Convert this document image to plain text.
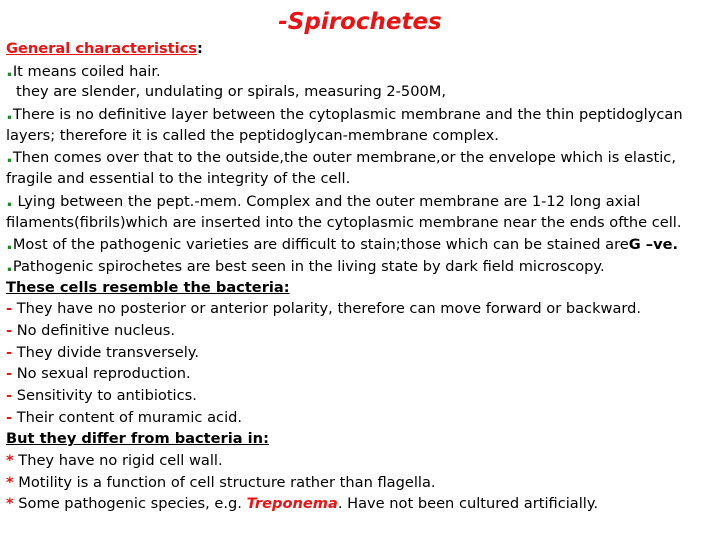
-Spirochetes
General characteristics:
.It means coiled hair.
they are slender, undulating or spirals, measuring 2-500M,
.There is no definitive layer between the cytoplasmic membrane and the thin peptidoglycan
layers; therefore it is called the peptidoglycan-membrane complex.
.Then comes over that to the outside,the outer membrane,or the envelope which is elastic,
fragile and essential to the integrity of the cell.
. Lying between the pept.-mem. Complex and the outer membrane are 1-12 long axial
filaments(fibrils)which are inserted into the cytoplasmic membrane near the ends ofthe cell.
.Most of the pathogenic varieties are difficult to stain;those which can be stained areG –ve.
.Pathogenic spirochetes are best seen in the living state by dark field microscopy.
These cells resemble the bacteria:
- They have no posterior or anterior polarity, therefore can move forward or backward.
- No definitive nucleus.
- They divide transversely.
- No sexual reproduction.
- Sensitivity to antibiotics.
- Their content of muramic acid.
But they differ from bacteria in:
* They have no rigid cell wall.
* Motility is a function of cell structure rather than flagella.
* Some pathogenic species, e.g. Treponema. Have not been cultured artificially.
